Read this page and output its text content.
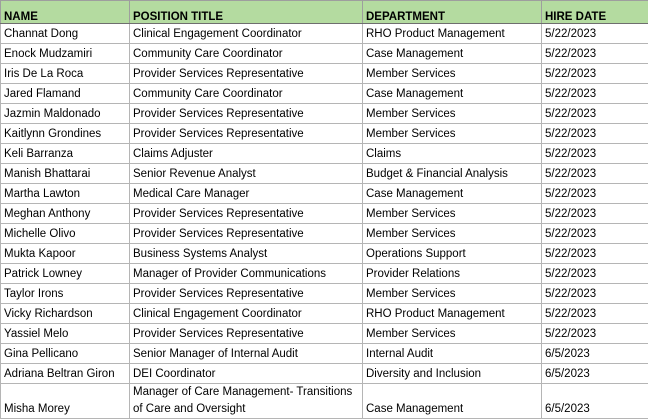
NAME	POSITION TITLE	DEPARTMENT	HIRE DATE
Channat Dong	Clinical Engagement Coordinator	RHO Product Management	5/22/2023
Enock Mudzamiri	Community Care Coordinator	Case Management	5/22/2023
Iris De La Roca	Provider Services Representative	Member Services	5/22/2023
Jared Flamand	Community Care Coordinator	Case Management	5/22/2023
Jazmin Maldonado	Provider Services Representative	Member Services	5/22/2023
Kaitlynn Grondines	Provider Services Representative	Member Services	5/22/2023
Keli Barranza	Claims Adjuster	Claims	5/22/2023
Manish Bhattarai	Senior Revenue Analyst	Budget & Financial Analysis	5/22/2023
Martha Lawton	Medical Care Manager	Case Management	5/22/2023
Meghan Anthony	Provider Services Representative	Member Services	5/22/2023
Michelle Olivo	Provider Services Representative	Member Services	5/22/2023
Mukta Kapoor	Business Systems Analyst	Operations Support	5/22/2023
Patrick Lowney	Manager of Provider Communications	Provider Relations	5/22/2023
Taylor Irons	Provider Services Representative	Member Services	5/22/2023
Vicky Richardson	Clinical Engagement Coordinator	RHO Product Management	5/22/2023
Yassiel Melo	Provider Services Representative	Member Services	5/22/2023
Gina Pellicano	Senior Manager of Internal Audit	Internal Audit	6/5/2023
Adriana Beltran Giron	DEI Coordinator	Diversity and Inclusion	6/5/2023
Misha Morey	Manager of Care Management- Transitions of Care and Oversight	Case Management	6/5/2023
